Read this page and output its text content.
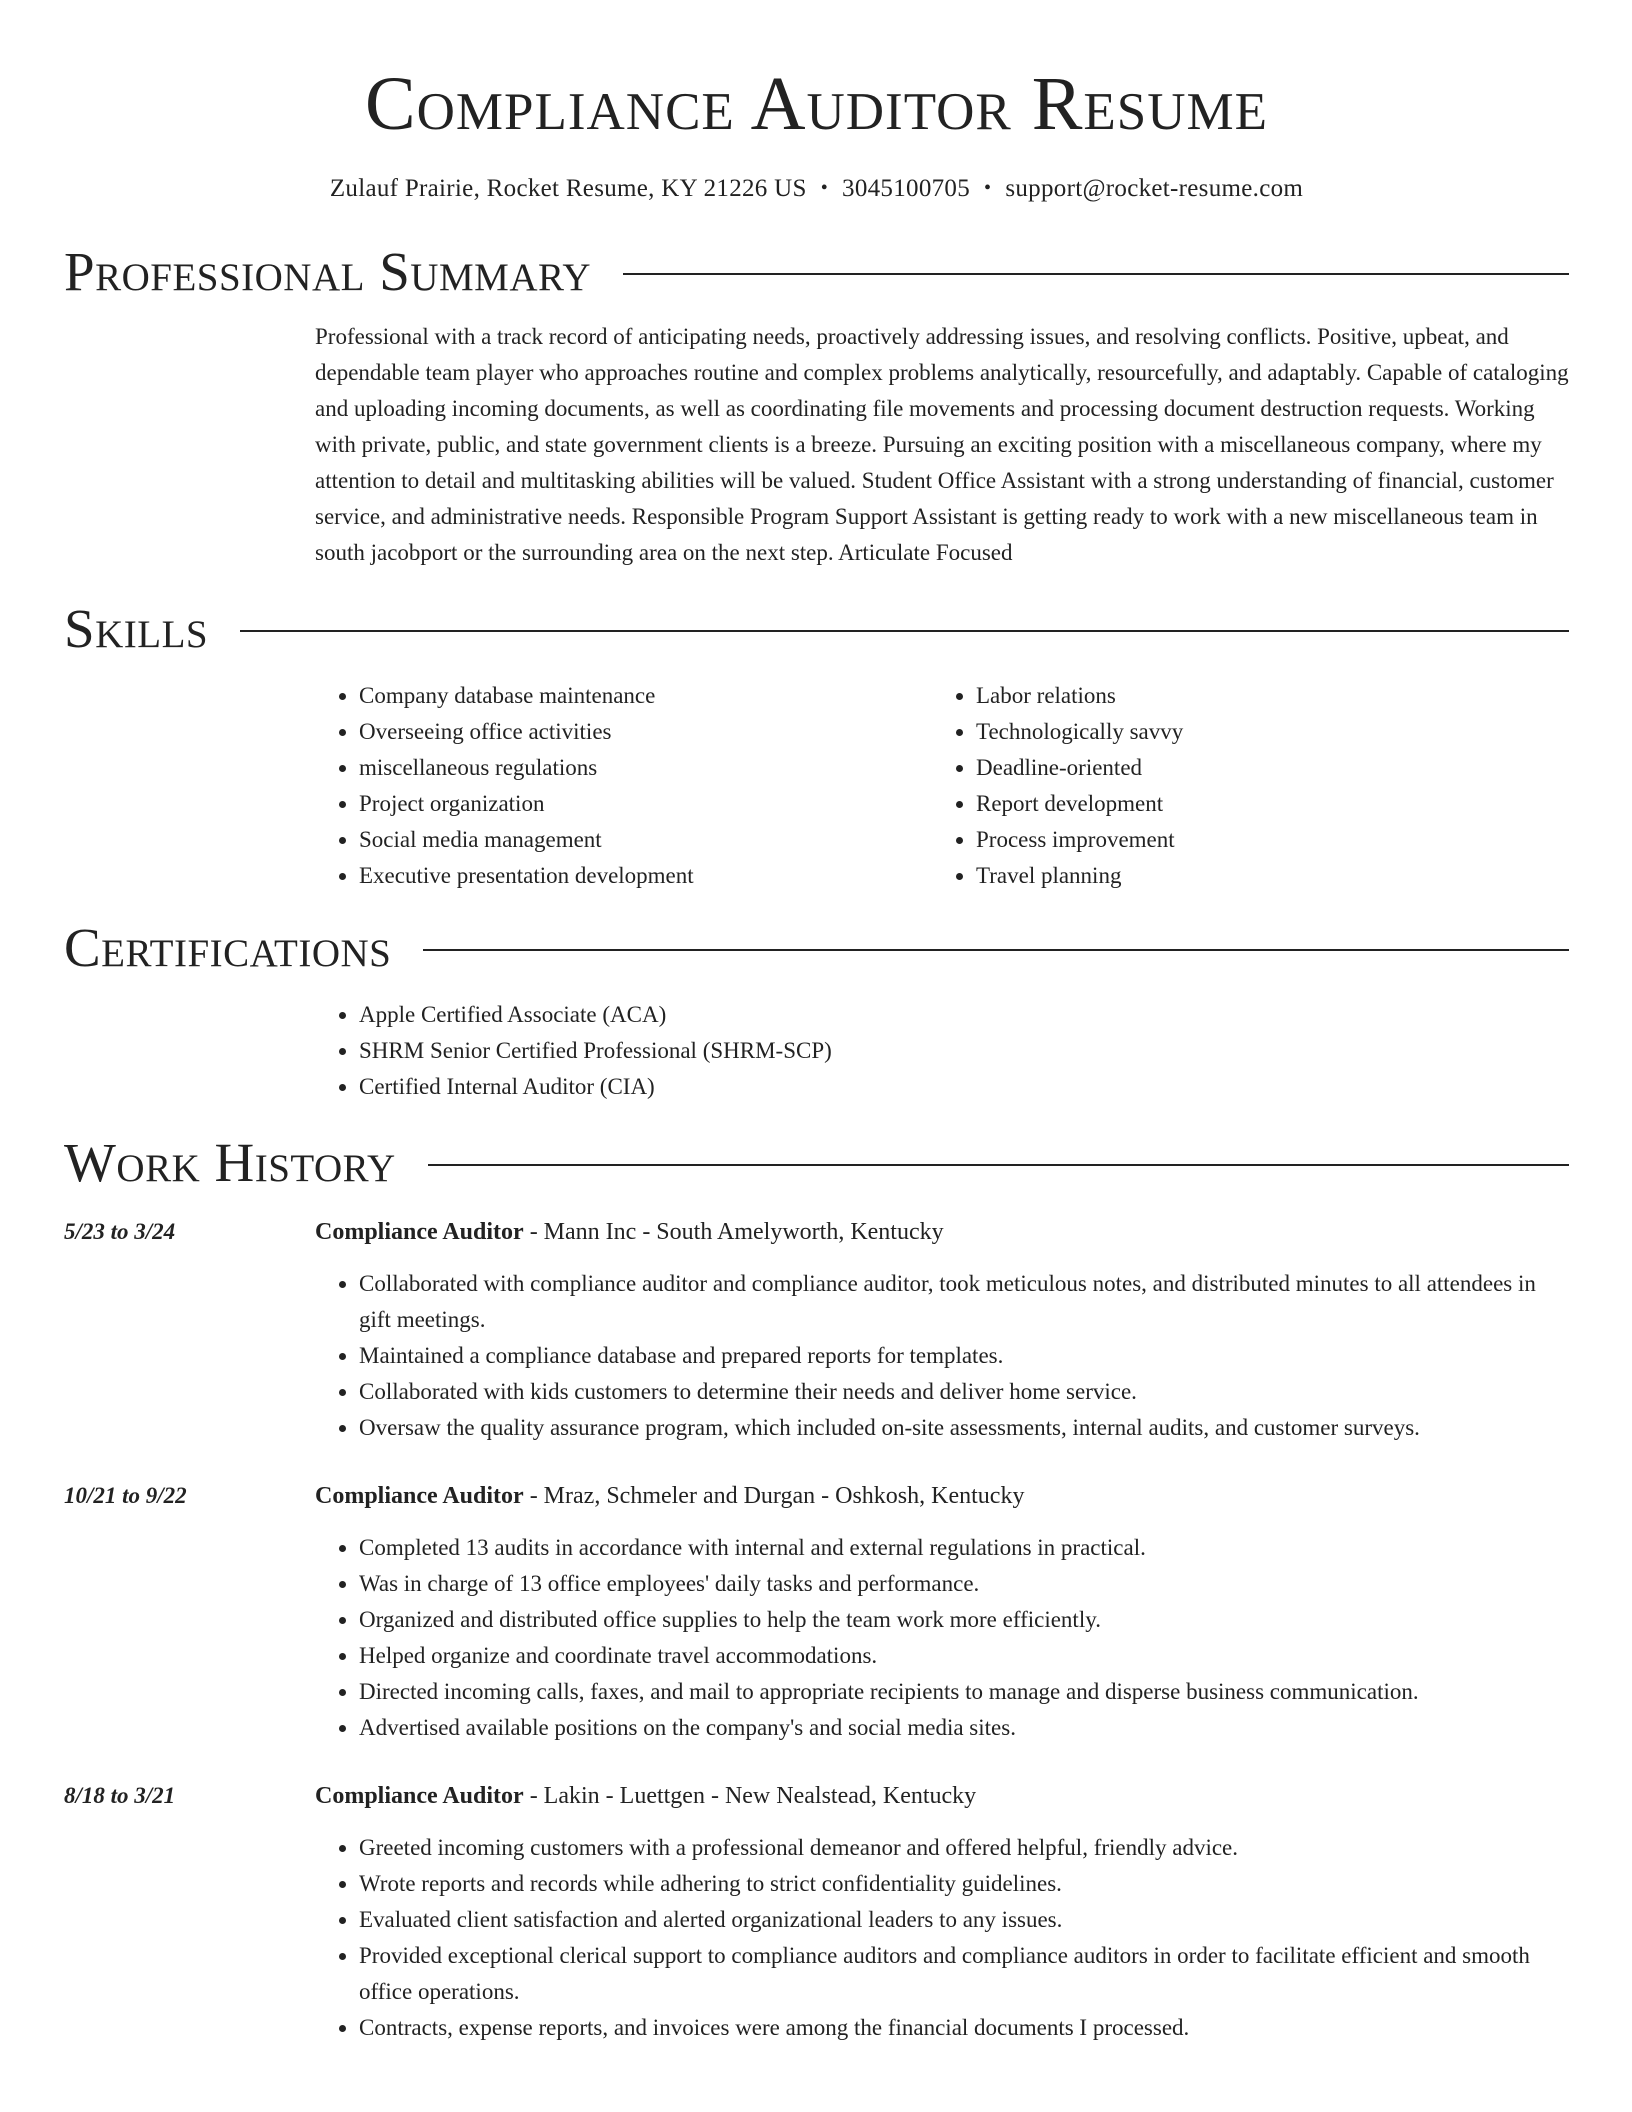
Compliance Auditor Resume
Zulauf Prairie, Rocket Resume, KY 21226 US • 3045100705 • support@rocket-resume.com
Professional Summary
Professional with a track record of anticipating needs, proactively addressing issues, and resolving conflicts. Positive, upbeat, and dependable team player who approaches routine and complex problems analytically, resourcefully, and adaptably. Capable of cataloging and uploading incoming documents, as well as coordinating file movements and processing document destruction requests. Working with private, public, and state government clients is a breeze. Pursuing an exciting position with a miscellaneous company, where my attention to detail and multitasking abilities will be valued. Student Office Assistant with a strong understanding of financial, customer service, and administrative needs. Responsible Program Support Assistant is getting ready to work with a new miscellaneous team in south jacobport or the surrounding area on the next step. Articulate Focused
Skills
• Company database maintenance
• Overseeing office activities
• miscellaneous regulations
• Project organization
• Social media management
• Executive presentation development
• Labor relations
• Technologically savvy
• Deadline-oriented
• Report development
• Process improvement
• Travel planning
Certifications
• Apple Certified Associate (ACA)
• SHRM Senior Certified Professional (SHRM-SCP)
• Certified Internal Auditor (CIA)
Work History
5/23 to 3/24	Compliance Auditor - Mann Inc - South Amelyworth, Kentucky
• Collaborated with compliance auditor and compliance auditor, took meticulous notes, and distributed minutes to all attendees in gift meetings.
• Maintained a compliance database and prepared reports for templates.
• Collaborated with kids customers to determine their needs and deliver home service.
• Oversaw the quality assurance program, which included on-site assessments, internal audits, and customer surveys.
10/21 to 9/22	Compliance Auditor - Mraz, Schmeler and Durgan - Oshkosh, Kentucky
• Completed 13 audits in accordance with internal and external regulations in practical.
• Was in charge of 13 office employees' daily tasks and performance.
• Organized and distributed office supplies to help the team work more efficiently.
• Helped organize and coordinate travel accommodations.
• Directed incoming calls, faxes, and mail to appropriate recipients to manage and disperse business communication.
• Advertised available positions on the company's and social media sites.
8/18 to 3/21	Compliance Auditor - Lakin - Luettgen - New Nealstead, Kentucky
• Greeted incoming customers with a professional demeanor and offered helpful, friendly advice.
• Wrote reports and records while adhering to strict confidentiality guidelines.
• Evaluated client satisfaction and alerted organizational leaders to any issues.
• Provided exceptional clerical support to compliance auditors and compliance auditors in order to facilitate efficient and smooth office operations.
• Contracts, expense reports, and invoices were among the financial documents I processed.
